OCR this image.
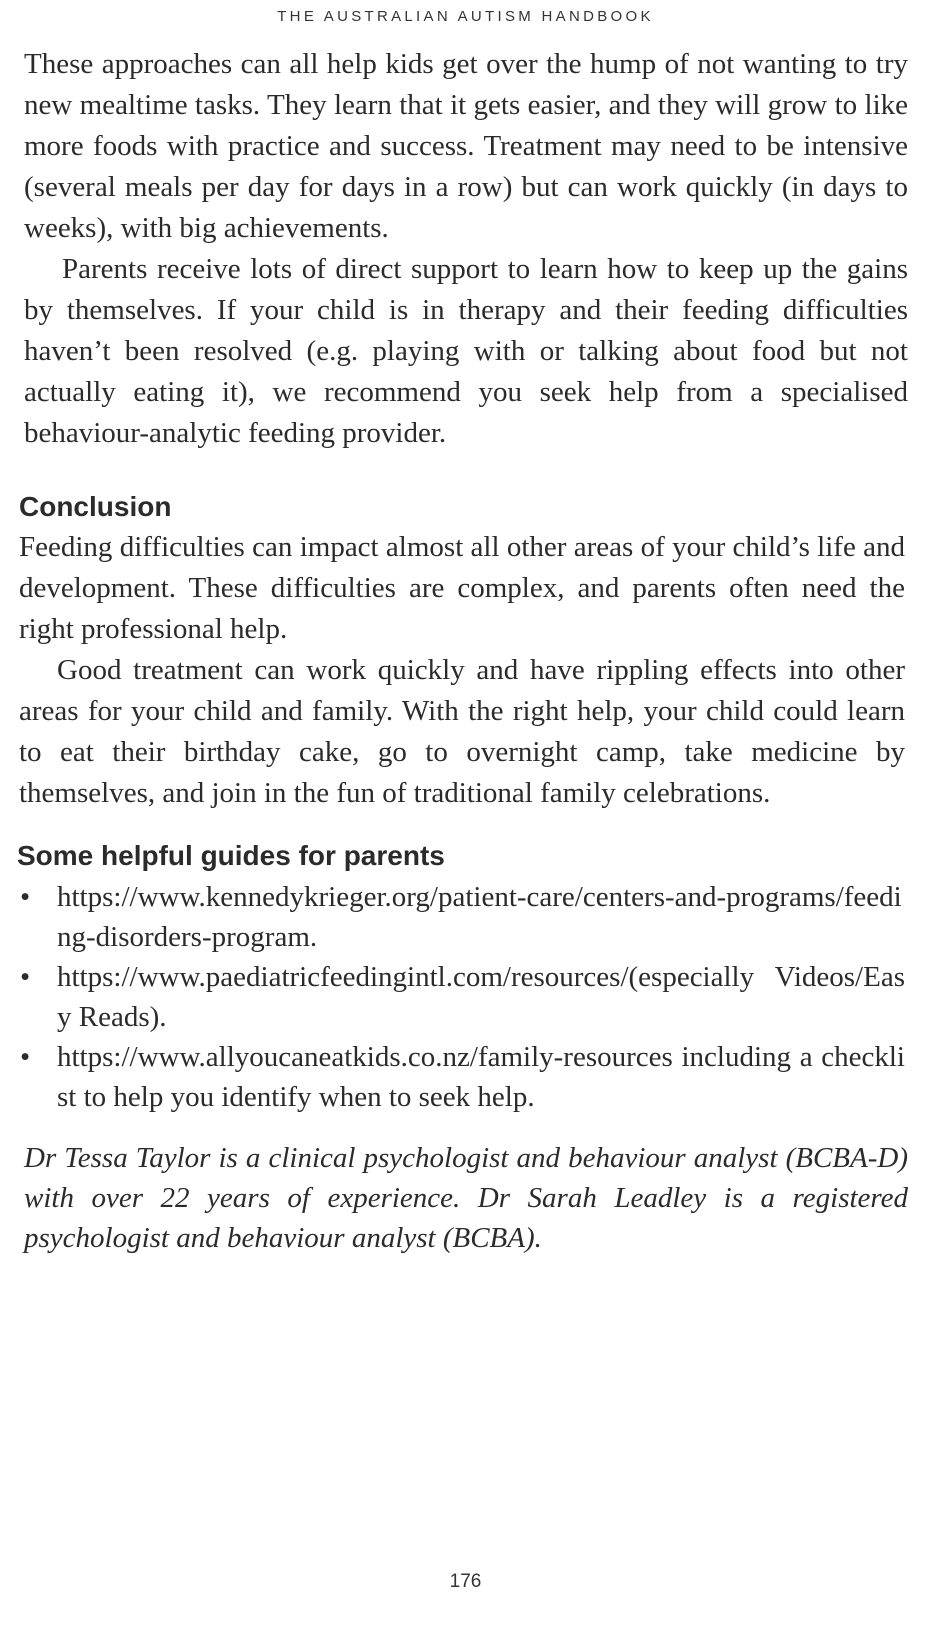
THE AUSTRALIAN AUTISM HANDBOOK

These approaches can all help kids get over the hump of not wanting to try new mealtime tasks. They learn that it gets easier, and they will grow to like more foods with practice and success. Treatment may need to be intensive (several meals per day for days in a row) but can work quickly (in days to weeks), with big achievements.

Parents receive lots of direct support to learn how to keep up the gains by themselves. If your child is in therapy and their feeding difficulties haven’t been resolved (e.g. playing with or talking about food but not actually eating it), we recommend you seek help from a specialised behaviour-analytic feeding provider.

Conclusion

Feeding difficulties can impact almost all other areas of your child’s life and development. These difficulties are complex, and parents often need the right professional help.

Good treatment can work quickly and have rippling effects into other areas for your child and family. With the right help, your child could learn to eat their birthday cake, go to overnight camp, take medicine by themselves, and join in the fun of traditional family celebrations.

Some helpful guides for parents
• https://www.kennedykrieger.org/patient-care/centers-and-programs/feeding-disorders-program.
• https://www.paediatricfeedingintl.com/resources/(especially Videos/Easy Reads).
• https://www.allyoucaneatkids.co.nz/family-resources including a checklist to help you identify when to seek help.

Dr Tessa Taylor is a clinical psychologist and behaviour analyst (BCBA-D) with over 22 years of experience. Dr Sarah Leadley is a registered psychologist and behaviour analyst (BCBA).

176
